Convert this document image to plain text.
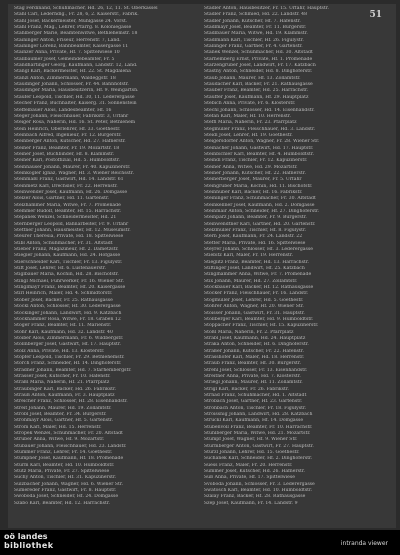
51
Stag Ferdinand, Schuhmacher, Hd. 26, 12, 11. St. Oberkassel
Stahl Carl, Lederhdlg., Fr. 28, 6, 2. Kaiserstr., Fabrik.
Stahl Josef, Bäckermeister, Mühlgasse 24. Vorst.
Stahl Franz, Mag., Lehrer, Pfarrg. 8. Koloniegasse
Stahlberger Marie, Beamtenwitwe, Bethlehemstr. 18
Staininger Anton, Friseur, Herrenstr. 7, Land.
Staininger Lorenz, Bahnbeamter, Kaisergasse 11
Stainzer Anna, Private, Hf. 7. Spittelwiese 10
Stallbaumer Josef, Gemeindebeamter, Fr. 5
Standhartinger Georg, Kaufmann, Landstr. 12, Land.
Stangl Karl, Bäckermeister, Hf. 22. St. Magdalena
Stanzl Anton, Zimmermann, Waldeggstr. 18
Staudinger Johann, Schlosser, Fr. 44. Bahnhofstr.
Staudinger Maria, Hausbesitzerin, Hf. 9. Weingartsh.
Staufer Leopold, Tischler, Hd. 30, 11. Lederergasse
Stecher Franz, Buchhalter, Kaiserg. 31. Sonnenstein
Steffelbauer Alois, Landesbeamter, Hf. 16
Steger Johann, Fleischhauer, Fabrikstr. 3, Urfahr
Steiger Rosa, Näherin, Hd. 16. St. Peter, Bethlehem
Stein Heinrich, Oberlehrer, Hf. 33. Goethestr.
Steinbach Alfred, Ingenieur, Fr. 12. Bürgerstr.
Steinberger Anton, Kutscher, Hd. 27. Hafnerstr.
Steiner Franz, Beamter, Fr. 19. Mozartstr. 18
Steiner Josef, Buchbinder, Hf. 8. Klammstr.
Steiner Karl, Postoffizial, Hd. 5. Humboldtstr.
Steinhauser Johann, Maurer, Fr. 40. Kapuzinerstr.
Steinkogler Ignaz, Wagner, Hf. 3. Wiener Reichsstr.
Steinmaßl Franz, Gastwirt, Hd. 14. Landstr. 61
Steinmetz Karl, Drechsler, Fr. 22. Herrenstr.
Steinwender Josef, Kaufmann, Hf. 26. Domgasse
Stelzer Alois, Gärtner, Hd. 11. Gartenstr.
Stelzhammer Maria, Witwe, Fr. 7. Promenade
Stemmer Rudolf, Beamter, Hf. 15. Harrachstr.
Stepanek Wenzel, Schneidermeister, Hd. 21
Sternberger Leopold, Bahnarbeiter, Fr. 9. Urfahr
Stettner Johann, Hausmeister, Hf. 12. Museumstr.
Steurer Theresia, Private, Hd. 18. Spittelwiese
Stibl Anton, Schuhmacher, Fr. 31. Altstadt
Stieber Franz, Magazineur, Hf. 2. Dametzstr.
Stiegler Johann, Kaufmann, Hd. 24. Hofgasse
Stierschneider Karl, Tischler, Fr. 13. Figulystr.
Stift Josef, Lehrer, Hf. 6. Lustenauerstr.
Stiglbauer Maria, Köchin, Hd. 28. Bischofstr.
Stingl Michael, Fuhrwerker, Fr. 16. Wiener Str.
Stinglmayr Franz, Beamter, Hf. 20. Kaisergasse
Stirl Heinrich, Maler, Hd. 4. Schmidtorstr.
Stöber Josef, Bäcker, Fr. 25. Rathausgasse
Stöckl Anton, Schlosser, Hf. 30. Lederergasse
Stockinger Johann, Landwirt, Hd. 9. Katzbach
Stockhammer Rosa, Witwe, Fr. 18. Graben 12
Stöger Franz, Beamter, Hf. 11. Marienstr.
Stöhr Karl, Kaufmann, Hd. 32. Landstr. 40
Stoiber Alois, Zimmermann, Fr. 6. Wildbergstr.
Stöllnberger Josef, Gastwirt, Hf. 17. Hauptstr.
Stolz Anna, Private, Hd. 13. Klosterstr.
Stopfer Leopold, Tischler, Fr. 29. Bethlehemstr.
Storch Franz, Schneider, Hf. 14. Dinghoferstr.
Stradner Johann, Beamter, Hd. 7. Starhembergstr.
Strasser Josef, Kutscher, Fr. 10. Hafenstr.
Straßl Maria, Näherin, Hf. 21. Pfarrplatz
Straubinger Karl, Bäcker, Hd. 26. Fabrikstr.
Strauß Anton, Kaufmann, Fr. 3. Hauptplatz
Streicher Franz, Schlosser, Hf. 28. Eisenhandstr.
Streit Johann, Maurer, Hd. 19. Zollamtstr.
Strobl Josef, Beamter, Fr. 34. Bürgerstr.
Strohmayr Alois, Gärtner, Hf. 5. Gartenstr.
Strom Karl, Maler, Hd. 15. Herrenstr.
Stropek Wenzel, Schuhmacher, Fr. 20. Altstadt
Struber Anna, Witwe, Hf. 9. Mozartstr.
Stubauer Johann, Fleischhauer, Hd. 23. Landstr.
Stummer Franz, Lehrer, Fr. 14. Goethestr.
Stumpner Josef, Kaufmann, Hf. 18. Promenade
Sturm Karl, Beamter, Hd. 10. Humboldtstr.
Stütz Maria, Private, Fr. 27. Spittelwiese
Suchy Anton, Tischler, Hf. 31. Kapuzinerstr.
Sulzbacher Johann, Wagner, Hd. 6. Wiener Str.
Sumereder Franz, Gastwirt, Fr. 8. Hauptstr.
Swoboda Josef, Schneider, Hf. 24. Domgasse
Szabo Karl, Beamter, Hd. 12. Harrachstr.
Stadler Anton, Hausbesitzer, Fr. 15. Urfahr, Hauptstr.
Stadler Franz, Schmied, Hd. 22. Landstr. 48
Stadler Johann, Kutscher, Hf. 7. Hafenstr.
Stadlmayr Josef, Beamter, Fr. 11. Bürgerstr.
Stadlbauer Maria, Witwe, Hd. 19. Klammstr.
Stadlmann Karl, Tischler, Hf. 26. Figulystr.
Stallinger Franz, Gärtner, Fr. 4. Gartenstr.
Stanek Wenzel, Schuhmacher, Hd. 30. Altstadt
Starhemberg Ernst, Private, Hf. 1. Promenade
Starzengruber Josef, Landwirt, Fr. 17. Katzbach
Stastny Anton, Schneider, Hd. 8. Dinghoferstr.
Staub Johann, Maurer, Hf. 13. Zollamtstr.
Staudacher Karl, Bäcker, Fr. 21. Rathausgasse
Stauber Franz, Beamter, Hd. 25. Harrachstr.
Stauffer Josef, Kaufmann, Hf. 29. Hauptplatz
Stebich Anna, Private, Fr. 6. Klosterstr.
Stechl Johann, Schlosser, Hd. 14. Eisenhandstr.
Stefan Karl, Maler, Hf. 10. Herrenstr.
Steffl Maria, Näherin, Fr. 23. Pfarrplatz
Stegmüller Franz, Fleischhauer, Hd. 3. Landstr.
Steidl Josef, Lehrer, Hf. 19. Goethestr.
Steigersdorfer Anton, Wagner, Fr. 28. Wiener Str.
Steinacher Johann, Gastwirt, Hd. 17. Hauptstr.
Steinbichler Karl, Beamter, Hf. 4. Humboldtstr.
Steindl Franz, Tischler, Fr. 12. Kapuzinerstr.
Steiner Anna, Witwe, Hd. 29. Mozartstr.
Steiner Johann, Kutscher, Hf. 22. Hafnerstr.
Steinerberger Josef, Maurer, Fr. 5. Urfahr
Steingruber Maria, Köchin, Hd. 11. Bischofstr.
Steinhuber Karl, Bäcker, Hf. 16. Fabrikstr.
Steininger Franz, Schuhmacher, Fr. 30. Altstadt
Steinkellner Josef, Kaufmann, Hd. 2. Domgasse
Steinmair Anton, Schneider, Hf. 27. Dinghoferstr.
Steinparz Johann, Beamter, Fr. 9. Bürgerstr.
Steinwendtner Karl, Gärtner, Hd. 20. Gartenstr.
Stelzmüller Franz, Tischler, Hf. 8. Figulystr.
Stern Josef, Kaufmann, Fr. 24. Landstr. 22
Stetter Maria, Private, Hd. 16. Spittelwiese
Steyrer Johann, Schlosser, Hf. 3. Lederergasse
Stiebitz Karl, Maler, Fr. 19. Herrenstr.
Stieglitz Franz, Beamter, Hd. 13. Harrachstr.
Stiftinger Josef, Landwirt, Hf. 25. Katzbach
Stinglhammer Anna, Witwe, Fr. 7. Promenade
Stix Johann, Maurer, Hd. 27. Zollamtstr.
Stockbauer Karl, Bäcker, Hf. 12. Rathausgasse
Stocker Franz, Fleischhauer, Fr. 16. Landstr.
Stögmüller Josef, Lehrer, Hd. 5. Goethestr.
Stöhrer Anton, Wagner, Hf. 20. Wiener Str.
Stoisser Johann, Gastwirt, Fr. 31. Hauptstr.
Stollberger Karl, Beamter, Hd. 9. Humboldtstr.
Stoppacher Franz, Tischler, Hf. 15. Kapuzinerstr.
Stößl Maria, Näherin, Fr. 2. Pfarrplatz
Strabl Josef, Kaufmann, Hd. 24. Hauptplatz
Straka Anton, Schneider, Hf. 6. Dinghoferstr.
Straßer Johann, Kutscher, Fr. 22. Hafenstr.
Strasshofer Karl, Maler, Hd. 18. Herrenstr.
Straub Franz, Beamter, Hf. 30. Bürgerstr.
Strehl Josef, Schlosser, Fr. 13. Eisenhandstr.
Streitner Anna, Private, Hd. 7. Klosterstr.
Striegl Johann, Maurer, Hf. 11. Zollamtstr.
Strigl Karl, Bäcker, Fr. 26. Fabrikstr.
Strnad Franz, Schuhmacher, Hd. 1. Altstadt
Strobach Josef, Gärtner, Hf. 23. Gartenstr.
Strohbach Anton, Tischler, Fr. 18. Figulystr.
Stroissnig Johann, Landwirt, Hd. 28. Katzbach
Struckl Karl, Kaufmann, Hf. 14. Domgasse
Stubenvoll Franz, Beamter, Fr. 10. Harrachstr.
Stuhlberger Maria, Witwe, Hd. 21. Mozartstr.
Stumpf Josef, Wagner, Hf. 9. Wiener Str.
Sturmberger Anton, Gastwirt, Fr. 27. Hauptstr.
Stürzl Johann, Lehrer, Hd. 15. Goethestr.
Suchanek Karl, Schneider, Hf. 2. Dinghoferstr.
Suess Franz, Maler, Fr. 20. Herrenstr.
Summer Josef, Kutscher, Hd. 26. Hafnerstr.
Süß Anna, Private, Hf. 17. Spittelwiese
Svoboda Johann, Schlosser, Fr. 3. Lederergasse
Swatosch Karl, Beamter, Hd. 10. Humboldtstr.
Szalay Franz, Bäcker, Hf. 28. Rathausgasse
Szep Josef, Kaufmann, Fr. 14. Landstr. 9
oö landes
bibliothek	intranda viewer
